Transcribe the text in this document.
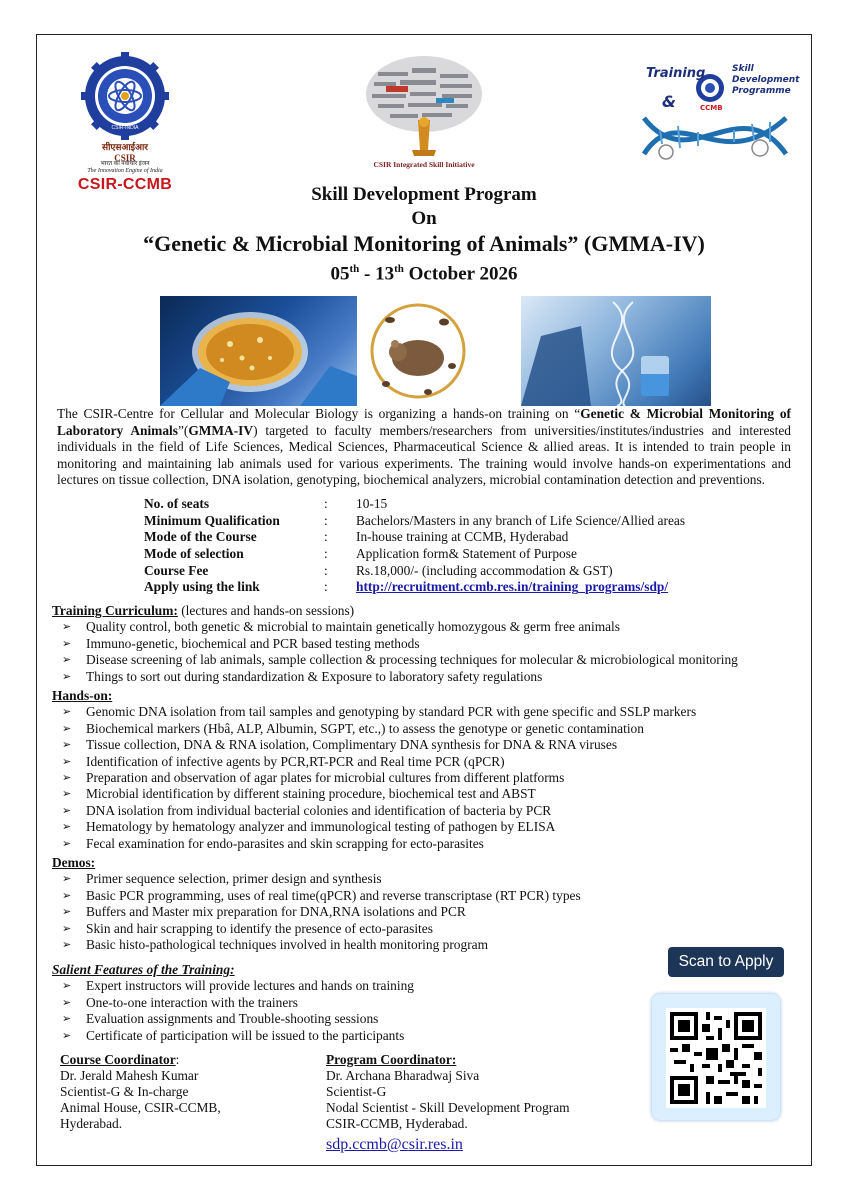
CSIR-INDIA
सीएसआईआर
CSIR
भारत का नवाचार इंजन
The Innovation Engine of India
CSIR-CCMB
CSIR Integrated Skill Initiative
Training
&
Skill
Development
Programme
CCMB
Skill Development Program
On
“Genetic & Microbial Monitoring of Animals” (GMMA-IV)
05th - 13th October 2026
The CSIR-Centre for Cellular and Molecular Biology is organizing a hands-on training on “Genetic & Microbial Monitoring of Laboratory Animals”(GMMA-IV) targeted to faculty members/researchers from universities/institutes/industries and interested individuals in the field of Life Sciences, Medical Sciences, Pharmaceutical Science & allied areas. It is intended to train people in monitoring and maintaining lab animals used for various experiments. The training would involve hands-on experimentations and lectures on tissue collection, DNA isolation, genotyping, biochemical analyzers, microbial contamination detection and preventions.
No. of seats	: 10-15
Minimum Qualification	: Bachelors/Masters in any branch of Life Science/Allied areas
Mode of the Course	: In-house training at CCMB, Hyderabad
Mode of selection	: Application form& Statement of Purpose
Course Fee	: Rs.18,000/- (including accommodation & GST)
Apply using the link	: http://recruitment.ccmb.res.in/training_programs/sdp/
Training Curriculum: (lectures and hands-on sessions)
➢ Quality control, both genetic & microbial to maintain genetically homozygous & germ free animals
➢ Immuno-genetic, biochemical and PCR based testing methods
➢ Disease screening of lab animals, sample collection & processing techniques for molecular & microbiological monitoring
➢ Things to sort out during standardization & Exposure to laboratory safety regulations
Hands-on:
➢ Genomic DNA isolation from tail samples and genotyping by standard PCR with gene specific and SSLP markers
➢ Biochemical markers (Hbâ, ALP, Albumin, SGPT, etc.,) to assess the genotype or genetic contamination
➢ Tissue collection, DNA & RNA isolation, Complimentary DNA synthesis for DNA & RNA viruses
➢ Identification of infective agents by PCR,RT-PCR and Real time PCR (qPCR)
➢ Preparation and observation of agar plates for microbial cultures from different platforms
➢ Microbial identification by different staining procedure, biochemical test and ABST
➢ DNA isolation from individual bacterial colonies and identification of bacteria by PCR
➢ Hematology by hematology analyzer and immunological testing of pathogen by ELISA
➢ Fecal examination for endo-parasites and skin scrapping for ecto-parasites
Demos:
➢ Primer sequence selection, primer design and synthesis
➢ Basic PCR programming, uses of real time(qPCR) and reverse transcriptase (RT PCR) types
➢ Buffers and Master mix preparation for DNA,RNA isolations and PCR
➢ Skin and hair scrapping to identify the presence of ecto-parasites
➢ Basic histo-pathological techniques involved in health monitoring program
Salient Features of the Training:
➢ Expert instructors will provide lectures and hands on training
➢ One-to-one interaction with the trainers
➢ Evaluation assignments and Trouble-shooting sessions
➢ Certificate of participation will be issued to the participants
Scan to Apply
Course Coordinator:
Dr. Jerald Mahesh Kumar
Scientist-G & In-charge
Animal House, CSIR-CCMB,
Hyderabad.
Program Coordinator:
Dr. Archana Bharadwaj Siva
Scientist-G
Nodal Scientist - Skill Development Program
CSIR-CCMB, Hyderabad.
sdp.ccmb@csir.res.in
